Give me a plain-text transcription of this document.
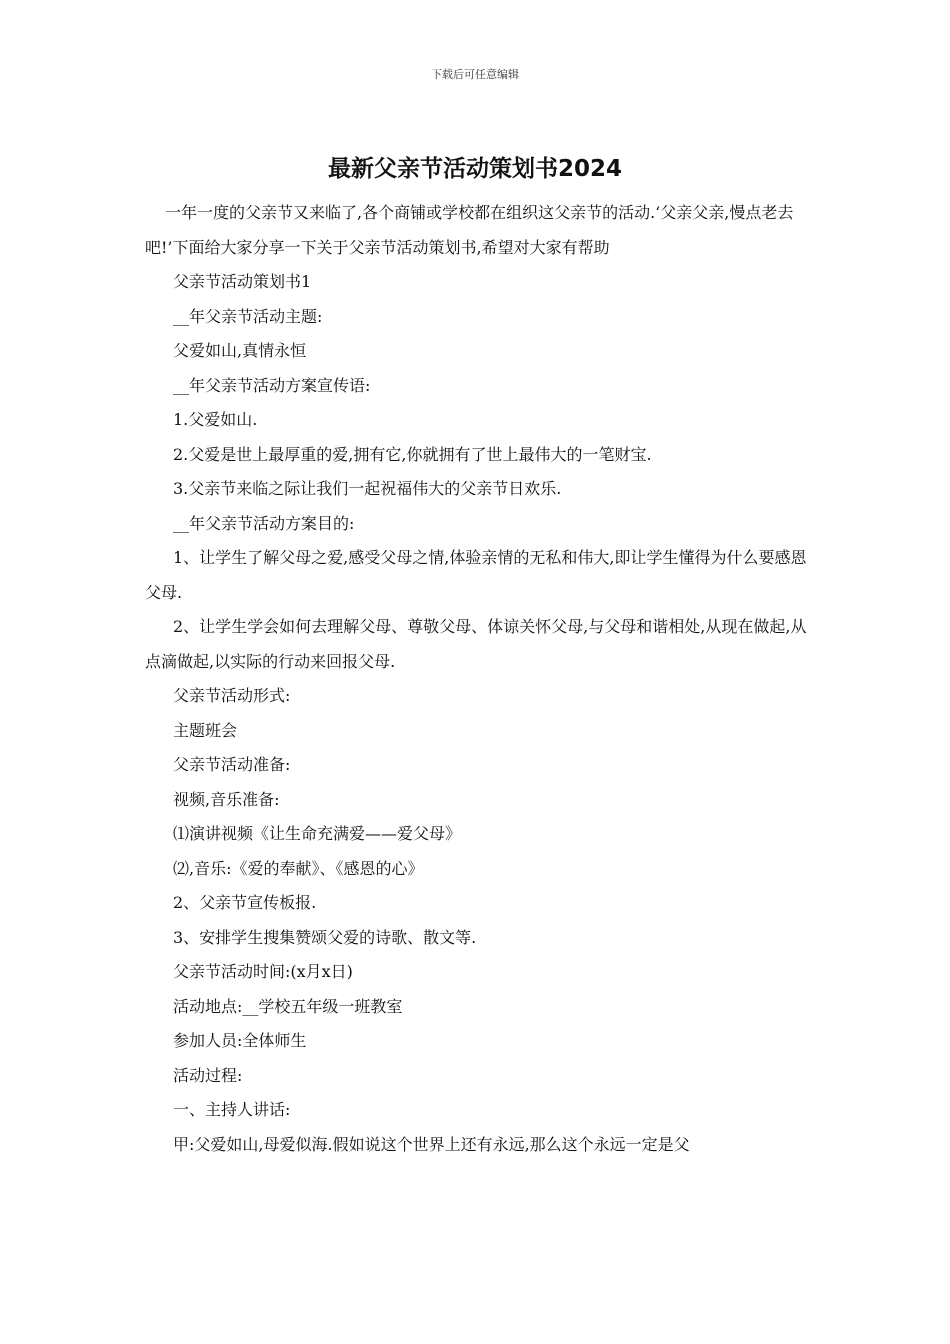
下载后可任意编辑
最新父亲节活动策划书2024

一年一度的父亲节又来临了,各个商铺或学校都在组织这父亲节的活动.‘父亲父亲,慢点老去吧!’下面给大家分享一下关于父亲节活动策划书,希望对大家有帮助

父亲节活动策划书1

__年父亲节活动主题:

父爱如山,真情永恒

__年父亲节活动方案宣传语:

1.父爱如山.

2.父爱是世上最厚重的爱,拥有它,你就拥有了世上最伟大的一笔财宝.

3.父亲节来临之际让我们一起祝福伟大的父亲节日欢乐.

__年父亲节活动方案目的:

1、让学生了解父母之爱,感受父母之情,体验亲情的无私和伟大,即让学生懂得为什么要感恩父母.

2、让学生学会如何去理解父母、尊敬父母、体谅关怀父母,与父母和谐相处,从现在做起,从点滴做起,以实际的行动来回报父母.

父亲节活动形式:

主题班会

父亲节活动准备:

视频,音乐准备:

⑴演讲视频《让生命充满爱——爱父母》

⑵,音乐:《爱的奉献》、《感恩的心》

2、父亲节宣传板报.

3、安排学生搜集赞颂父爱的诗歌、散文等.

父亲节活动时间:(x月x日)

活动地点:__学校五年级一班教室

参加人员:全体师生

活动过程:

一、主持人讲话:

甲:父爱如山,母爱似海.假如说这个世界上还有永远,那么这个永远一定是父
